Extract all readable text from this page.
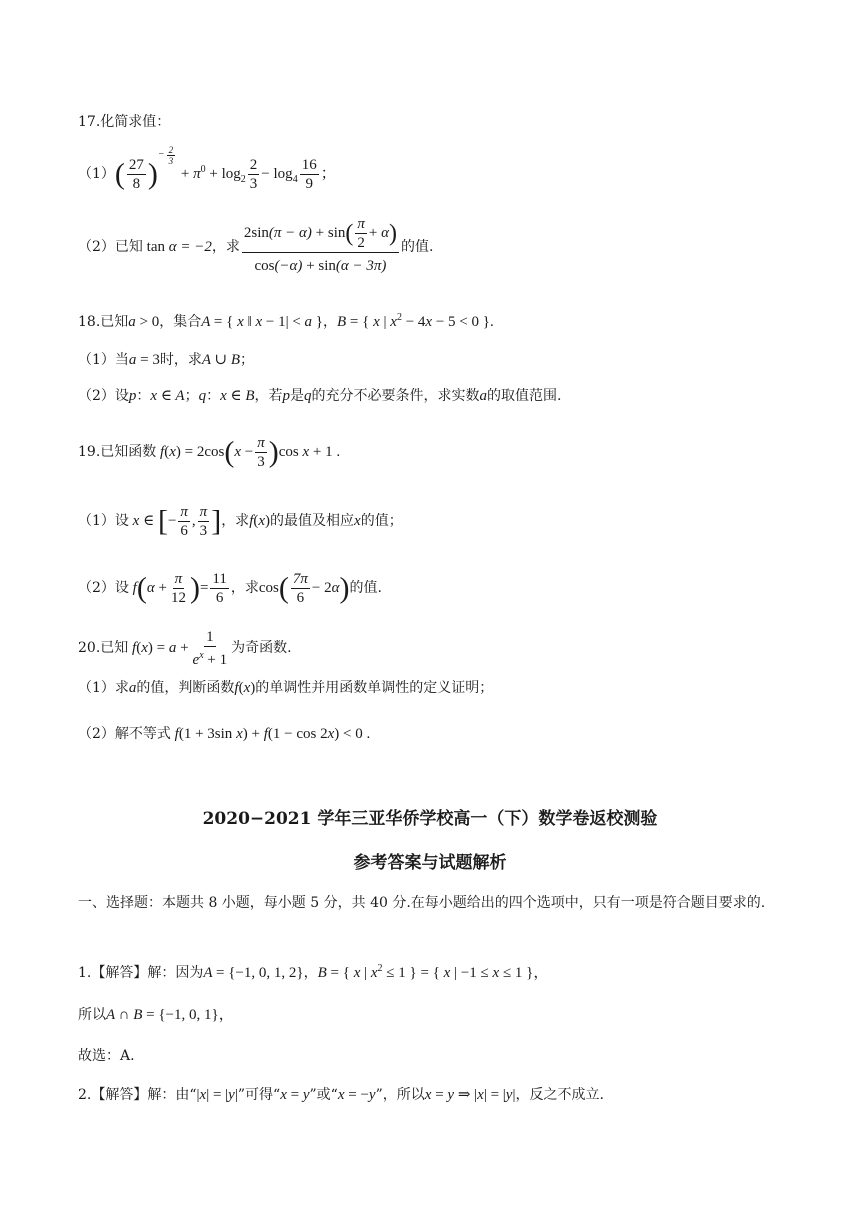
17.化简求值：
（1） ( $\frac{27}{8} )^{- \frac{2}{3}}$
+ $\pi^0 + \log_2 \frac{2}{3} - \log_4 \frac{16}{9}$ ；
（2）已知 tan α = −2 ，求 $\frac{2\sin(\pi - \alpha) + \sin( \frac{\pi}{2} + \alpha)}{\cos(-\alpha) + \sin(\alpha - 3\pi)}$ 的值.
18.已知a > 0，集合A = { x ‖ x − 1| < a }，B = { x | $x^2 - 4x - 5 < 0$ }.
（1）当a = 3时，求A ∪ B；
（2）设p：x ∈ A；q：x ∈ B，若p是q的充分不必要条件，求实数a的取值范围.
19.已知函数 $f(x) = 2\cos(x - \frac{\pi}{3} )\cos$ x + 1 .
（1）设 x ∈ [− $\frac{\pi}{6}$ , $\frac{\pi}{3}$ ] ，求 f(x) 的最值及相应 x 的值；
（2）设 $f(\alpha + \frac{\pi}{12}$ )= $\frac{11}{6}$ ，求 $\cos( \frac{7\pi}{6} - 2\alpha)$ 的值.
20.已知 $f(x) = a + \frac{1}{e^x + 1}$ 为奇函数.
（1）求a的值，判断函数f(x)的单调性并用函数单调性的定义证明；
（2）解不等式 f(1 + 3sin x) + f(1 − cos 2x) < 0 .
2020−2021 学年三亚华侨学校高一（下）数学卷返校测验
参考答案与试题解析
一、选择题：本题共 8 小题，每小题 5 分，共 40 分.在每小题给出的四个选项中，只有一项是符合题目要求的.
1.【解答】解：因为A = {−1, 0, 1, 2}，B = { x | $x^2 \le 1$ } = { x | −1 ≤ x ≤ 1 }，
所以A ∩ B = {−1, 0, 1}，
故选：A.
2.【解答】解：由“|x| = |y|”可得“x = y”或“x = −y”，所以x = y ⇒ |x| = |y|，反之不成立.
